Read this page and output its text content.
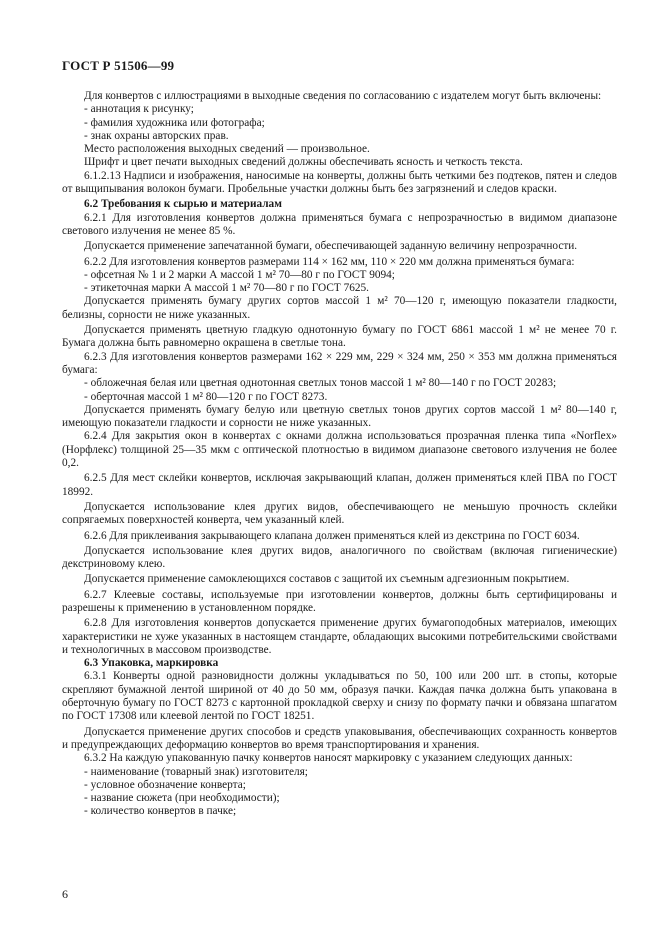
ГОСТ Р 51506—99

Для конвертов с иллюстрациями в выходные сведения по согласованию с издателем могут быть включены:

- аннотация к рисунку;

- фамилия художника или фотографа;

- знак охраны авторских прав.

Место расположения выходных сведений — произвольное.

Шрифт и цвет печати выходных сведений должны обеспечивать ясность и четкость текста.

6.1.2.13 Надписи и изображения, наносимые на конверты, должны быть четкими без подтеков, пятен и следов от выщипывания волокон бумаги. Пробельные участки должны быть без загрязнений и следов краски.

6.2 Требования к сырью и материалам

6.2.1 Для изготовления конвертов должна применяться бумага с непрозрачностью в видимом диапазоне светового излучения не менее 85 %.

Допускается применение запечатанной бумаги, обеспечивающей заданную величину непрозрачности.

6.2.2 Для изготовления конвертов размерами 114 × 162 мм, 110 × 220 мм должна применяться бумага:

- офсетная № 1 и 2 марки А массой 1 м² 70—80 г по ГОСТ 9094;

- этикеточная марки А массой 1 м² 70—80 г по ГОСТ 7625.

Допускается применять бумагу других сортов массой 1 м² 70—120 г, имеющую показатели гладкости, белизны, сорности не ниже указанных.

Допускается применять цветную гладкую однотонную бумагу по ГОСТ 6861 массой 1 м² не менее 70 г. Бумага должна быть равномерно окрашена в светлые тона.

6.2.3 Для изготовления конвертов размерами 162 × 229 мм, 229 × 324 мм, 250 × 353 мм должна применяться бумага:

- обложечная белая или цветная однотонная светлых тонов массой 1 м² 80—140 г по ГОСТ 20283;

- оберточная массой 1 м² 80—120 г по ГОСТ 8273.

Допускается применять бумагу белую или цветную светлых тонов других сортов массой 1 м² 80—140 г, имеющую показатели гладкости и сорности не ниже указанных.

6.2.4 Для закрытия окон в конвертах с окнами должна использоваться прозрачная пленка типа «Norflex» (Норфлекс) толщиной 25—35 мкм с оптической плотностью в видимом диапазоне светового излучения не более 0,2.

6.2.5 Для мест склейки конвертов, исключая закрывающий клапан, должен применяться клей ПВА по ГОСТ 18992.

Допускается использование клея других видов, обеспечивающего не меньшую прочность склейки сопрягаемых поверхностей конверта, чем указанный клей.

6.2.6 Для приклеивания закрывающего клапана должен применяться клей из декстрина по ГОСТ 6034.

Допускается использование клея других видов, аналогичного по свойствам (включая гигиенические) декстриновому клею.

Допускается применение самоклеющихся составов с защитой их съемным адгезионным покрытием.

6.2.7 Клеевые составы, используемые при изготовлении конвертов, должны быть сертифицированы и разрешены к применению в установленном порядке.

6.2.8 Для изготовления конвертов допускается применение других бумагоподобных материалов, имеющих характеристики не хуже указанных в настоящем стандарте, обладающих высокими потребительскими свойствами и технологичных в массовом производстве.

6.3 Упаковка, маркировка

6.3.1 Конверты одной разновидности должны укладываться по 50, 100 или 200 шт. в стопы, которые скрепляют бумажной лентой шириной от 40 до 50 мм, образуя пачки. Каждая пачка должна быть упакована в оберточную бумагу по ГОСТ 8273 с картонной прокладкой сверху и снизу по формату пачки и обвязана шпагатом по ГОСТ 17308 или клеевой лентой по ГОСТ 18251.

Допускается применение других способов и средств упаковывания, обеспечивающих сохранность конвертов и предупреждающих деформацию конвертов во время транспортирования и хранения.

6.3.2 На каждую упакованную пачку конвертов наносят маркировку с указанием следующих данных:

- наименование (товарный знак) изготовителя;

- условное обозначение конверта;

- название сюжета (при необходимости);

- количество конвертов в пачке;

6
